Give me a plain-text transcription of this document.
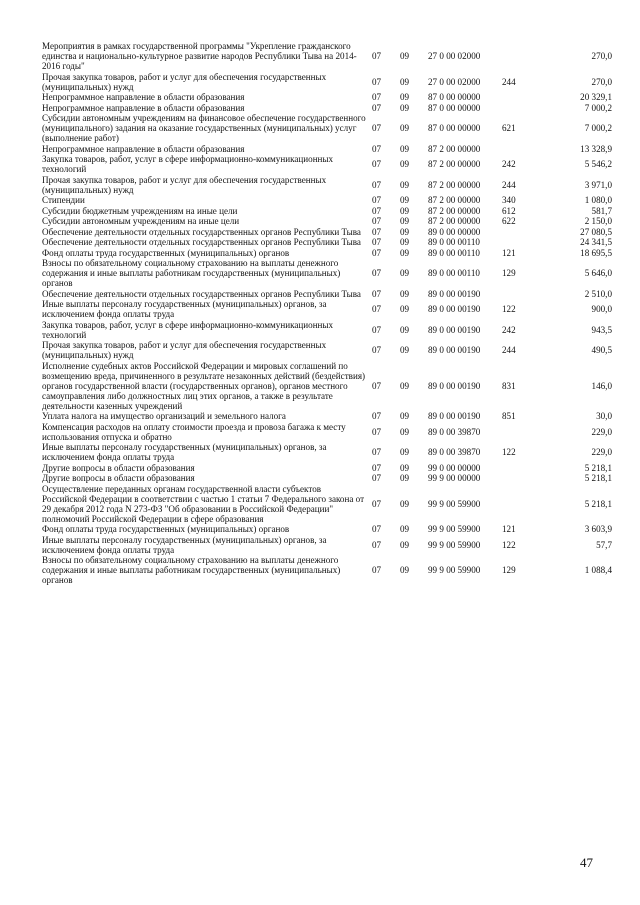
Мероприятия в рамках государственной программы "Укрепление гражданского единства и национально-культурное развитие народов Республики Тыва на 2014-2016 годы"	07	09	27 0 00 02000		270,0
Прочая закупка товаров, работ и услуг для обеспечения государственных (муниципальных) нужд	07	09	27 0 00 02000	244	270,0
Непрограммное направление в области образования	07	09	87 0 00 00000		20 329,1
Непрограммное направление в области образования	07	09	87 0 00 00000		7 000,2
Субсидии автономным учреждениям на финансовое обеспечение государственного (муниципального) задания на оказание государственных (муниципальных) услуг (выполнение работ)	07	09	87 0 00 00000	621	7 000,2
Непрограммное направление в области образования	07	09	87 2 00 00000		13 328,9
Закупка товаров, работ, услуг в сфере информационно-коммуникационных технологий	07	09	87 2 00 00000	242	5 546,2
Прочая закупка товаров, работ и услуг для обеспечения государственных (муниципальных) нужд	07	09	87 2 00 00000	244	3 971,0
Стипендии	07	09	87 2 00 00000	340	1 080,0
Субсидии бюджетным учреждениям на иные цели	07	09	87 2 00 00000	612	581,7
Субсидии автономным учреждениям на иные цели	07	09	87 2 00 00000	622	2 150,0
Обеспечение деятельности отдельных государственных органов Республики Тыва	07	09	89 0 00 00000		27 080,5
Обеспечение деятельности отдельных государственных органов Республики Тыва	07	09	89 0 00 00110		24 341,5
Фонд оплаты труда государственных (муниципальных) органов	07	09	89 0 00 00110	121	18 695,5
Взносы по обязательному социальному страхованию на выплаты денежного содержания и иные выплаты работникам государственных (муниципальных) органов	07	09	89 0 00 00110	129	5 646,0
Обеспечение деятельности отдельных государственных органов Республики Тыва	07	09	89 0 00 00190		2 510,0
Иные выплаты персоналу государственных (муниципальных) органов, за исключением фонда оплаты труда	07	09	89 0 00 00190	122	900,0
Закупка товаров, работ, услуг в сфере информационно-коммуникационных технологий	07	09	89 0 00 00190	242	943,5
Прочая закупка товаров, работ и услуг для обеспечения государственных (муниципальных) нужд	07	09	89 0 00 00190	244	490,5
Исполнение судебных актов Российской Федерации и мировых соглашений по возмещению вреда, причиненного в результате незаконных действий (бездействия) органов государственной власти (государственных органов), органов местного самоуправления либо должностных лиц этих органов, а также в результате деятельности казенных учреждений	07	09	89 0 00 00190	831	146,0
Уплата налога на имущество организаций и земельного налога	07	09	89 0 00 00190	851	30,0
Компенсация расходов на оплату стоимости проезда и провоза багажа к месту использования отпуска и обратно	07	09	89 0 00 39870		229,0
Иные выплаты персоналу государственных (муниципальных) органов, за исключением фонда оплаты труда	07	09	89 0 00 39870	122	229,0
Другие вопросы в области образования	07	09	99 0 00 00000		5 218,1
Другие вопросы в области образования	07	09	99 9 00 00000		5 218,1
Осуществление переданных органам государственной власти субъектов Российской Федерации в соответствии с частью 1 статьи 7 Федерального закона от 29 декабря 2012 года N 273-ФЗ "Об образовании в Российской Федерации" полномочий Российской Федерации в сфере образования	07	09	99 9 00 59900		5 218,1
Фонд оплаты труда государственных (муниципальных) органов	07	09	99 9 00 59900	121	3 603,9
Иные выплаты персоналу государственных (муниципальных) органов, за исключением фонда оплаты труда	07	09	99 9 00 59900	122	57,7
Взносы по обязательному социальному страхованию на выплаты денежного содержания и иные выплаты работникам государственных (муниципальных) органов	07	09	99 9 00 59900	129	1 088,4
47
